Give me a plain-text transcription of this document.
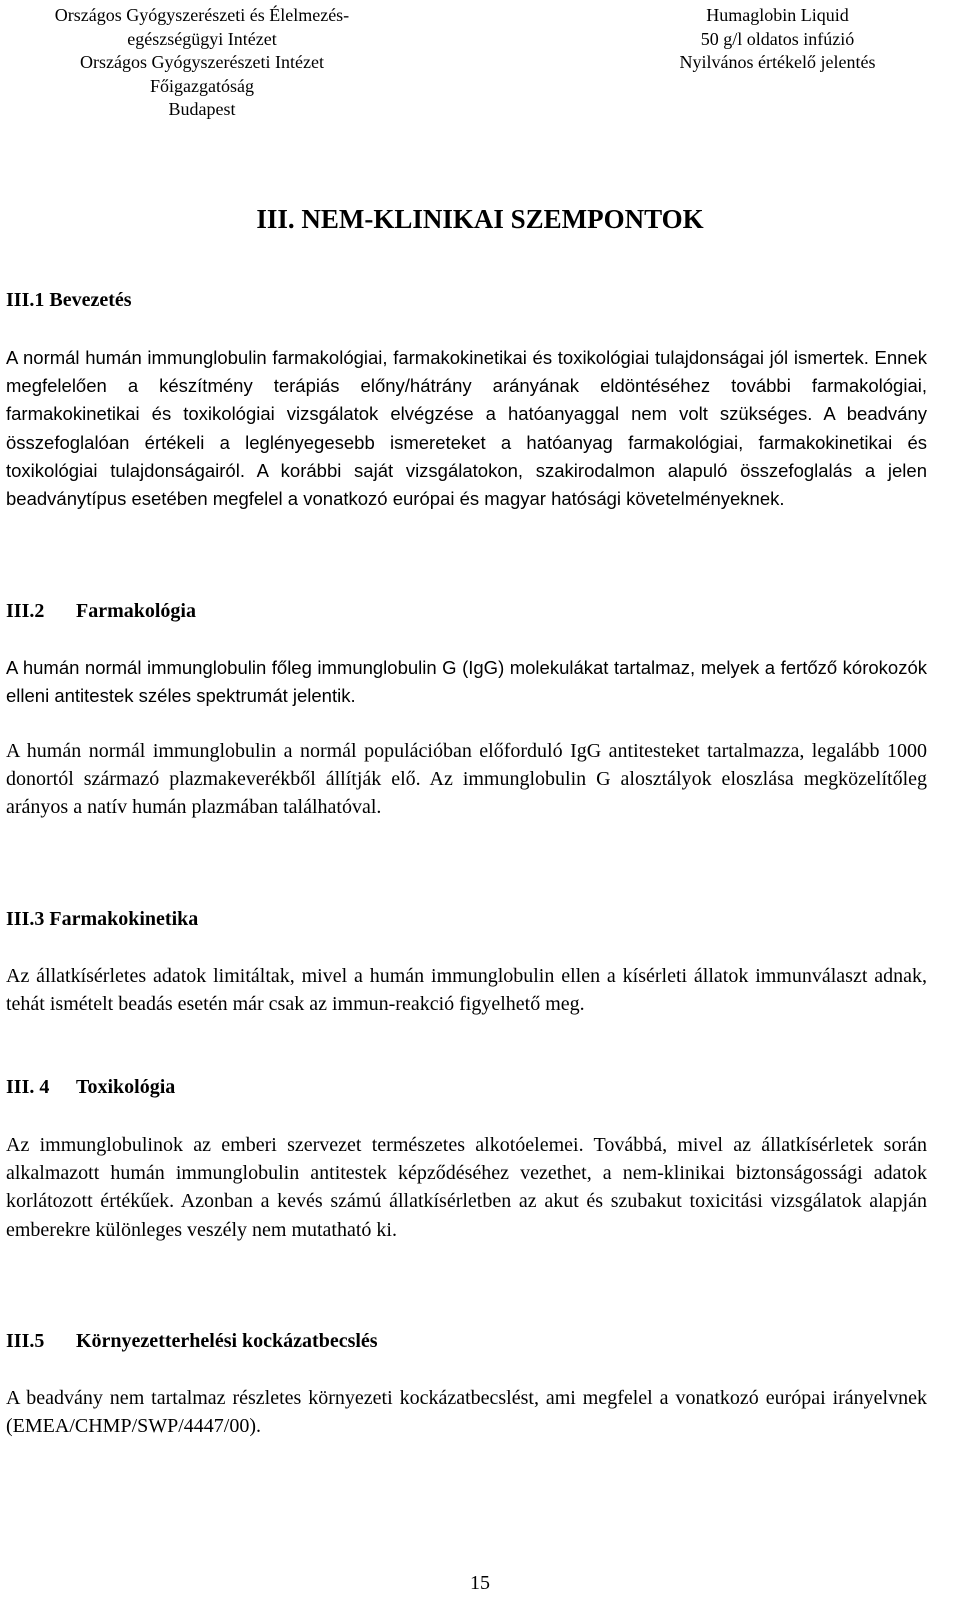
Országos Gyógyszerészeti és Élelmezés-
egészségügyi Intézet
Országos Gyógyszerészeti Intézet
Főigazgatóság
Budapest
Humaglobin Liquid
50 g/l oldatos infúzió
Nyilvános értékelő jelentés
III. NEM-KLINIKAI SZEMPONTOK
III.1 Bevezetés

A normál humán immunglobulin farmakológiai, farmakokinetikai és toxikológiai tulajdonságai jól ismertek. Ennek megfelelően a készítmény terápiás előny/hátrány arányának eldöntéséhez további farmakológiai, farmakokinetikai és toxikológiai vizsgálatok elvégzése a hatóanyaggal nem volt szükséges. A beadvány összefoglalóan értékeli a leglényegesebb ismereteket a hatóanyag farmakológiai, farmakokinetikai és toxikológiai tulajdonságairól. A korábbi saját vizsgálatokon, szakirodalmon alapuló összefoglalás a jelen beadványtípus esetében megfelel a vonatkozó európai és magyar hatósági követelményeknek.

III.2 Farmakológia

A humán normál immunglobulin főleg immunglobulin G (IgG) molekulákat tartalmaz, melyek a fertőző kórokozók elleni antitestek széles spektrumát jelentik.

A humán normál immunglobulin a normál populációban előforduló IgG antitesteket tartalmazza, legalább 1000 donortól származó plazmakeverékből állítják elő. Az immunglobulin G alosztályok eloszlása megközelítőleg arányos a natív humán plazmában találhatóval.

III.3 Farmakokinetika

Az állatkísérletes adatok limitáltak, mivel a humán immunglobulin ellen a kísérleti állatok immunválaszt adnak, tehát ismételt beadás esetén már csak az immun-reakció figyelhető meg.

III. 4 Toxikológia

Az immunglobulinok az emberi szervezet természetes alkotóelemei. Továbbá, mivel az állatkísérletek során alkalmazott humán immunglobulin antitestek képződéséhez vezethet, a nem-klinikai biztonságossági adatok korlátozott értékűek. Azonban a kevés számú állatkísérletben az akut és szubakut toxicitási vizsgálatok alapján emberekre különleges veszély nem mutatható ki.

III.5 Környezetterhelési kockázatbecslés

A beadvány nem tartalmaz részletes környezeti kockázatbecslést, ami megfelel a vonatkozó európai irányelvnek (EMEA/CHMP/SWP/4447/00).

15
